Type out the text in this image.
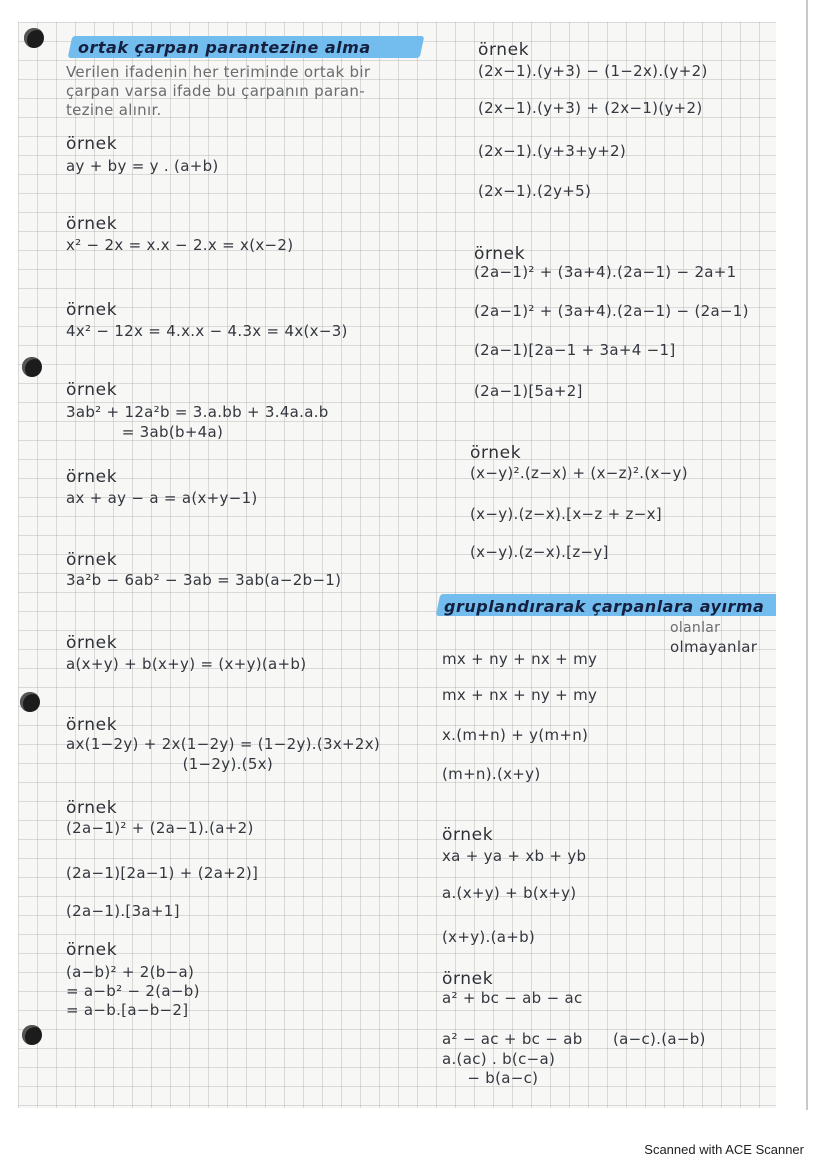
ortak çarpan parantezine alma
Verilen ifadenin her teriminde ortak bir
çarpan varsa ifade bu çarpanın paran-
tezine alınır.
örnek
ay + by = y . (a+b)
örnek
x² − 2x = x.x − 2.x = x(x−2)
örnek
4x² − 12x = 4.x.x − 4.3x = 4x(x−3)
örnek
3ab² + 12a²b = 3.a.bb + 3.4a.a.b
= 3ab(b+4a)
örnek
ax + ay − a = a(x+y−1)
örnek
3a²b − 6ab² − 3ab = 3ab(a−2b−1)
örnek
a(x+y) + b(x+y) = (x+y)(a+b)
örnek
ax(1−2y) + 2x(1−2y) = (1−2y).(3x+2x)
(1−2y).(5x)
örnek
(2a−1)² + (2a−1).(a+2)
(2a−1)[2a−1) + (2a+2)]
(2a−1).[3a+1]
örnek
(a−b)² + 2(b−a)
= a−b² − 2(a−b)
= a−b.[a−b−2]
örnek
(2x−1).(y+3) − (1−2x).(y+2)
(2x−1).(y+3) + (2x−1)(y+2)
(2x−1).(y+3+y+2)
(2x−1).(2y+5)
örnek
(2a−1)² + (3a+4).(2a−1) − 2a+1
(2a−1)² + (3a+4).(2a−1) − (2a−1)
(2a−1)[2a−1 + 3a+4 −1]
(2a−1)[5a+2]
örnek
(x−y)².(z−x) + (x−z)².(x−y)
(x−y).(z−x).[x−z + z−x]
(x−y).(z−x).[z−y]
gruplandırarak çarpanlara ayırma
olanlar
olmayanlar
mx + ny + nx + my
mx + nx + ny + my
x.(m+n) + y(m+n)
(m+n).(x+y)
örnek
xa + ya + xb + yb
a.(x+y) + b(x+y)
(x+y).(a+b)
örnek
a² + bc − ab − ac
a² − ac + bc − ab      (a−c).(a−b)
a.(ac) . b(c−a)
− b(a−c)
Scanned with ACE Scanner
